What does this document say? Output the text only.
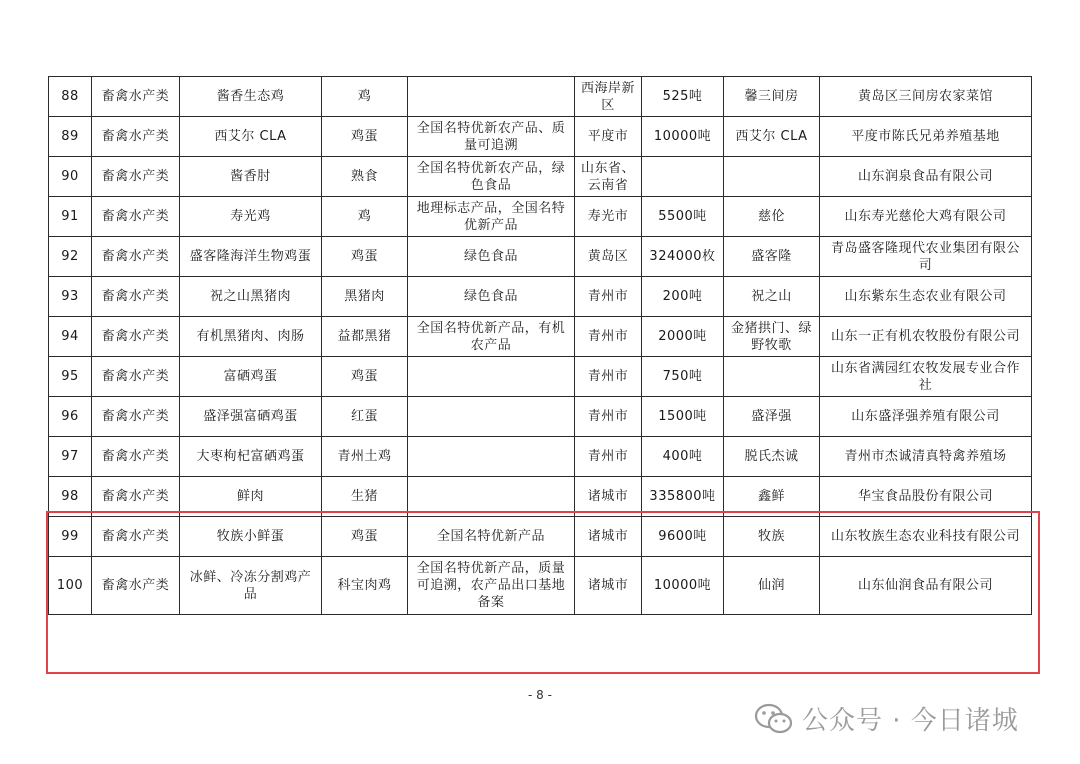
88	畜禽水产类	酱香生态鸡	鸡		西海岸新区	525吨	馨三间房	黄岛区三间房农家菜馆
89	畜禽水产类	西艾尔 CLA	鸡蛋	全国名特优新农产品、质量可追溯	平度市	10000吨	西艾尔 CLA	平度市陈氏兄弟养殖基地
90	畜禽水产类	酱香肘	熟食	全国名特优新农产品，绿色食品	山东省、云南省			山东润泉食品有限公司
91	畜禽水产类	寿光鸡	鸡	地理标志产品，全国名特优新产品	寿光市	5500吨	慈伦	山东寿光慈伦大鸡有限公司
92	畜禽水产类	盛客隆海洋生物鸡蛋	鸡蛋	绿色食品	黄岛区	324000枚	盛客隆	青岛盛客隆现代农业集团有限公司
93	畜禽水产类	祝之山黑猪肉	黑猪肉	绿色食品	青州市	200吨	祝之山	山东紫东生态农业有限公司
94	畜禽水产类	有机黑猪肉、肉肠	益都黑猪	全国名特优新产品，有机农产品	青州市	2000吨	金猪拱门、绿野牧歌	山东一正有机农牧股份有限公司
95	畜禽水产类	富硒鸡蛋	鸡蛋		青州市	750吨		山东省满园红农牧发展专业合作社
96	畜禽水产类	盛泽强富硒鸡蛋	红蛋		青州市	1500吨	盛泽强	山东盛泽强养殖有限公司
97	畜禽水产类	大枣枸杞富硒鸡蛋	青州土鸡		青州市	400吨	脱氏杰诚	青州市杰诚清真特禽养殖场
98	畜禽水产类	鲜肉	生猪		诸城市	335800吨	鑫鲜	华宝食品股份有限公司
99	畜禽水产类	牧族小鲜蛋	鸡蛋	全国名特优新产品	诸城市	9600吨	牧族	山东牧族生态农业科技有限公司
100	畜禽水产类	冰鲜、冷冻分割鸡产品	科宝肉鸡	全国名特优新产品，质量可追溯，农产品出口基地备案	诸城市	10000吨	仙润	山东仙润食品有限公司
- 8 -
公众号 · 今日诸城
